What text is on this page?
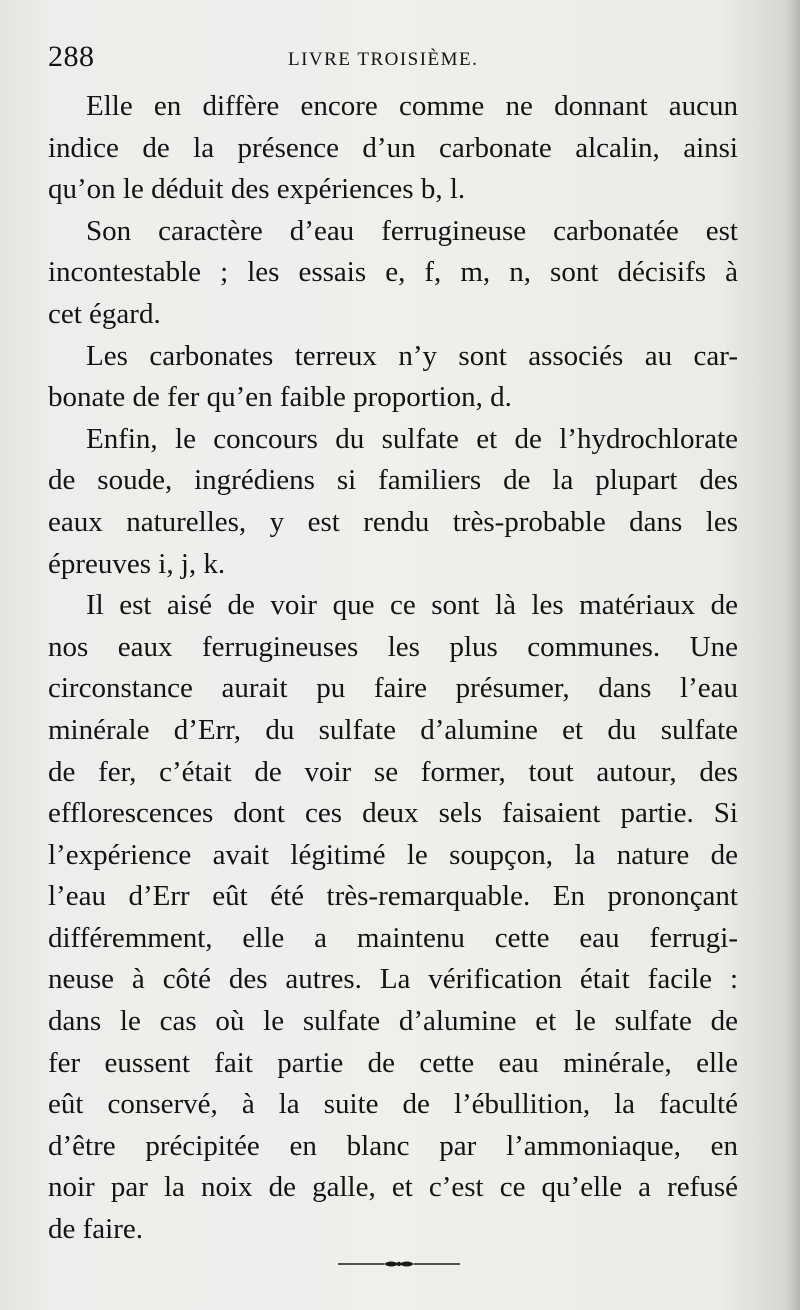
288	LIVRE TROISIÈME.
Elle en diffère encore comme ne donnant aucun
indice de la présence d’un carbonate alcalin, ainsi
qu’on le déduit des expériences b, l.
Son caractère d’eau ferrugineuse carbonatée est
incontestable ; les essais e, f, m, n, sont décisifs à
cet égard.
Les carbonates terreux n’y sont associés au car-
bonate de fer qu’en faible proportion, d.
Enfin, le concours du sulfate et de l’hydrochlorate
de soude, ingrédiens si familiers de la plupart des
eaux naturelles, y est rendu très-probable dans les
épreuves i, j, k.
Il est aisé de voir que ce sont là les matériaux de
nos eaux ferrugineuses les plus communes. Une
circonstance aurait pu faire présumer, dans l’eau
minérale d’Err, du sulfate d’alumine et du sulfate
de fer, c’était de voir se former, tout autour, des
efflorescences dont ces deux sels faisaient partie. Si
l’expérience avait légitimé le soupçon, la nature de
l’eau d’Err eût été très-remarquable. En prononçant
différemment, elle a maintenu cette eau ferrugi-
neuse à côté des autres. La vérification était facile :
dans le cas où le sulfate d’alumine et le sulfate de
fer eussent fait partie de cette eau minérale, elle
eût conservé, à la suite de l’ébullition, la faculté
d’être précipitée en blanc par l’ammoniaque, en
noir par la noix de galle, et c’est ce qu’elle a refusé
de faire.
